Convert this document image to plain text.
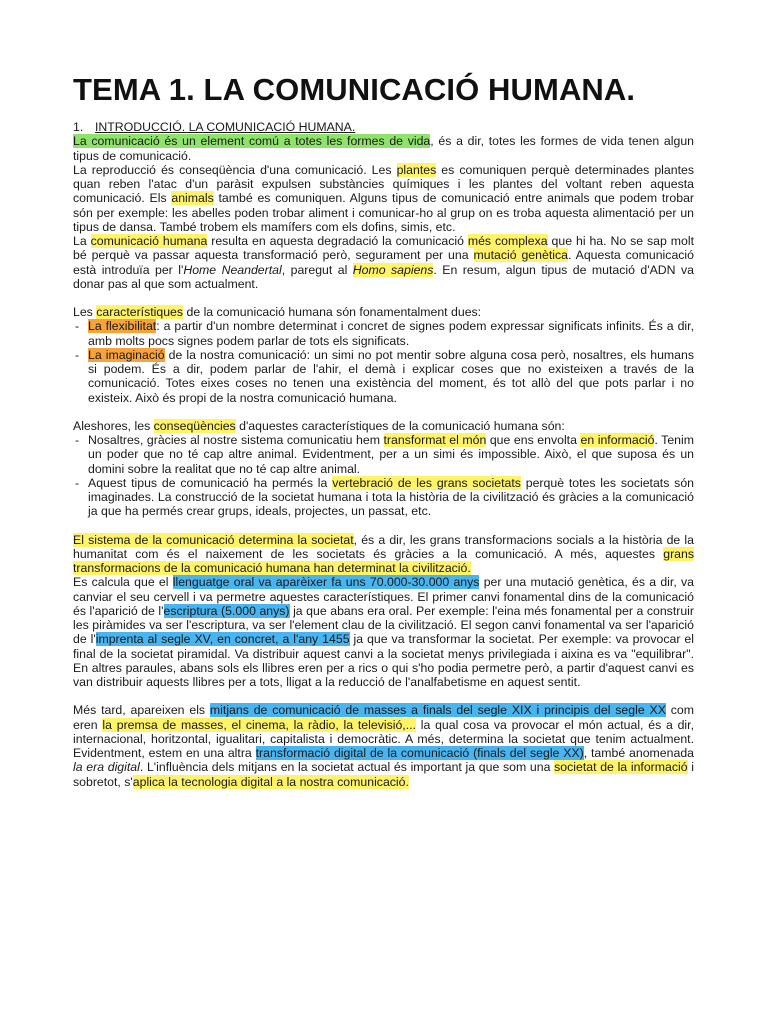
TEMA 1. LA COMUNICACIÓ HUMANA.

1. INTRODUCCIÓ. LA COMUNICACIÓ HUMANA.

La comunicació és un element comú a totes les formes de vida, és a dir, totes les formes de vida tenen algun tipus de comunicació.

La reproducció és conseqüència d'una comunicació. Les plantes es comuniquen perquè determinades plantes quan reben l'atac d'un paràsit expulsen substàncies químiques i les plantes del voltant reben aquesta comunicació. Els animals també es comuniquen. Alguns tipus de comunicació entre animals que podem trobar són per exemple: les abelles poden trobar aliment i comunicar-ho al grup on es troba aquesta alimentació per un tipus de dansa. També trobem els mamífers com els dofins, simis, etc.

La comunicació humana resulta en aquesta degradació la comunicació més complexa que hi ha. No se sap molt bé perquè va passar aquesta transformació però, segurament per una mutació genètica. Aquesta comunicació està introduïa per l'Home Neandertal, paregut al Homo sapiens. En resum, algun tipus de mutació d'ADN va donar pas al que som actualment.

Les característiques de la comunicació humana són fonamentalment dues:

- La flexibilitat: a partir d'un nombre determinat i concret de signes podem expressar significats infinits. És a dir, amb molts pocs signes podem parlar de tots els significats.
- La imaginació de la nostra comunicació: un simi no pot mentir sobre alguna cosa però, nosaltres, els humans si podem. És a dir, podem parlar de l'ahir, el demà i explicar coses que no existeixen a través de la comunicació. Totes eixes coses no tenen una existència del moment, és tot allò del que pots parlar i no existeix. Això és propi de la nostra comunicació humana.

Aleshores, les conseqüències d'aquestes característiques de la comunicació humana són:

- Nosaltres, gràcies al nostre sistema comunicatiu hem transformat el món que ens envolta en informació. Tenim un poder que no té cap altre animal. Evidentment, per a un simi és impossible. Això, el que suposa és un domini sobre la realitat que no té cap altre animal.
- Aquest tipus de comunicació ha permés la vertebració de les grans societats perquè totes les societats són imaginades. La construcció de la societat humana i tota la història de la civilització és gràcies a la comunicació ja que ha permés crear grups, ideals, projectes, un passat, etc.

El sistema de la comunicació determina la societat, és a dir, les grans transformacions socials a la història de la humanitat com és el naixement de les societats és gràcies a la comunicació. A més, aquestes grans transformacions de la comunicació humana han determinat la civilització.

Es calcula que el llenguatge oral va aparèixer fa uns 70.000-30.000 anys per una mutació genètica, és a dir, va canviar el seu cervell i va permetre aquestes característiques. El primer canvi fonamental dins de la comunicació és l'aparició de l'escriptura (5.000 anys) ja que abans era oral. Per exemple: l'eina més fonamental per a construir les piràmides va ser l'escriptura, va ser l'element clau de la civilització. El segon canvi fonamental va ser l'aparició de l'imprenta al segle XV, en concret, a l'any 1455 ja que va transformar la societat. Per exemple: va provocar el final de la societat piramidal. Va distribuir aquest canvi a la societat menys privilegiada i aixina es va "equilibrar". En altres paraules, abans sols els llibres eren per a rics o qui s'ho podia permetre però, a partir d'aquest canvi es van distribuir aquests llibres per a tots, lligat a la reducció de l'analfabetisme en aquest sentit.

Més tard, apareixen els mitjans de comunicació de masses a finals del segle XIX i principis del segle XX com eren la premsa de masses, el cinema, la ràdio, la televisió,... la qual cosa va provocar el món actual, és a dir, internacional, horitzontal, igualitari, capitalista i democràtic. A més, determina la societat que tenim actualment. Evidentment, estem en una altra transformació digital de la comunicació (finals del segle XX), també anomenada la era digital. L'influència dels mitjans en la societat actual és important ja que som una societat de la informació i sobretot, s'aplica la tecnologia digital a la nostra comunicació.
